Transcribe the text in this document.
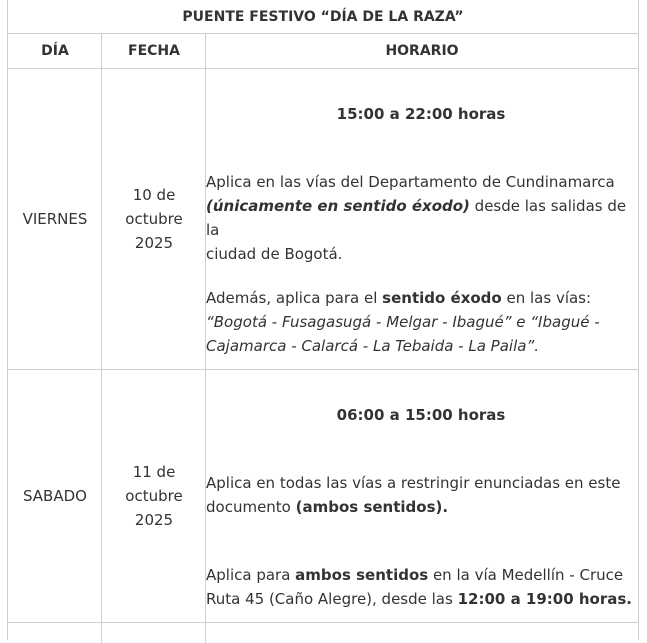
PUENTE FESTIVO “DÍA DE LA RAZA”
DÍA	FECHA	HORARIO
VIERNES
10 de
octubre
2025
15:00 a 22:00 horas
Aplica en las vías del Departamento de Cundinamarca
(únicamente en sentido éxodo) desde las salidas de la
ciudad de Bogotá.
Además, aplica para el sentido éxodo en las vías:
“Bogotá - Fusagasugá - Melgar - Ibagué” e “Ibagué -
Cajamarca - Calarcá - La Tebaida - La Paila”.
SABADO
11 de
octubre
2025
06:00 a 15:00 horas
Aplica en todas las vías a restringir enunciadas en este
documento (ambos sentidos).
Aplica para ambos sentidos en la vía Medellín - Cruce
Ruta 45 (Caño Alegre), desde las 12:00 a 19:00 horas.
